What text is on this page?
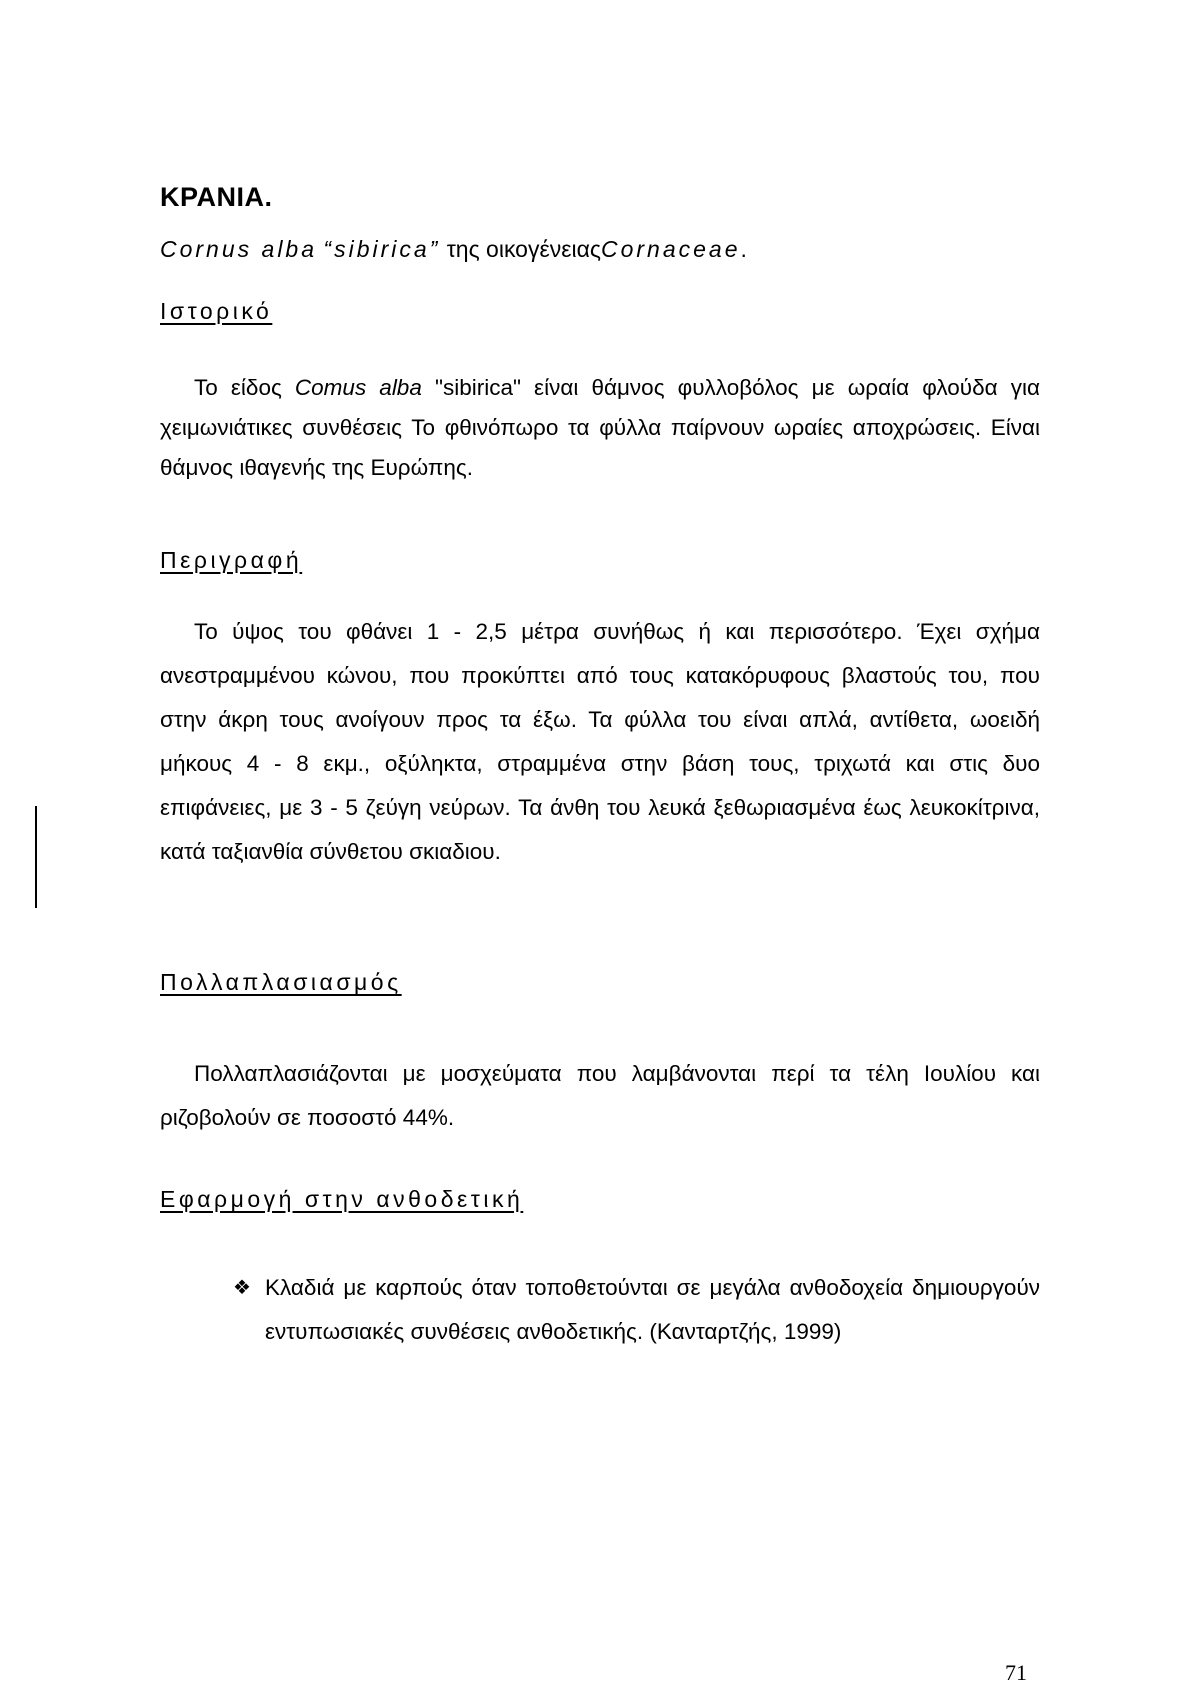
ΚΡΑΝΙΑ.
Cornus alba “sibirica” της οικογένειαςCornaceae.
Ιστορικό

Το είδος Comus alba "sibirica" είναι θάμνος φυλλοβόλος με ωραία φλούδα για χειμωνιάτικες συνθέσεις Το φθινόπωρο τα φύλλα παίρνουν ωραίες αποχρώσεις. Είναι θάμνος ιθαγενής της Ευρώπης.

Περιγραφή

Το ύψος του φθάνει 1 - 2,5 μέτρα συνήθως ή και περισσότερο. Έχει σχήμα ανεστραμμένου κώνου, που προκύπτει από τους κατακόρυφους βλαστούς του, που στην άκρη τους ανοίγουν προς τα έξω. Τα φύλλα του είναι απλά, αντίθετα, ωοειδή μήκους 4 - 8 εκμ., οξύληκτα, στραμμένα στην βάση τους, τριχωτά και στις δυο επιφάνειες, με 3 - 5 ζεύγη νεύρων. Τα άνθη του λευκά ξεθωριασμένα έως λευκοκίτρινα, κατά ταξιανθία σύνθετου σκιαδιου.

Πολλαπλασιασμός

Πολλαπλασιάζονται με μοσχεύματα που λαμβάνονται περί τα τέλη Ιουλίου και ριζοβολούν σε ποσοστό 44%.

Εφαρμογή στην ανθοδετική
❖ Κλαδιά με καρπούς όταν τοποθετούνται σε μεγάλα ανθοδοχεία δημιουργούν εντυπωσιακές συνθέσεις ανθοδετικής. (Κανταρτζής, 1999)
71
